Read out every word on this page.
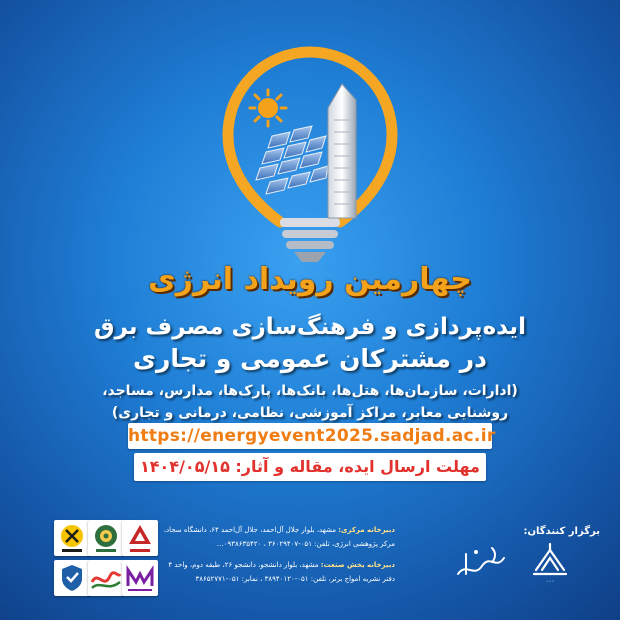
چهارمین رویداد انرژی
ایده‌پردازی و فرهنگ‌سازی مصرف برق
در مشترکان عمومی و تجاری
(ادارات، سازمان‌ها، هتل‌ها، بانک‌ها، پارک‌ها، مدارس، مساجد،
روشنایی معابر، مراکز آموزشی، نظامی، درمانی و تجاری)
https://energyevent2025.sadjad.ac.ir
مهلت ارسال ایده، مقاله و آثار: ۱۴۰۴/۰۵/۱۵
برگزار کنندگان:
◦◦◦
دبیرخانه مرکزی: مشهد، بلوار جلال آل‌احمد، جلال آل‌احمد ۶۴، دانشگاه سجاد،
مرکز پژوهشی انرژی، تلفن: ۰۵۱-۳۶۰۲۹۴۰۷ ، ۰۹۳۸۶۳۵۴۲۰…
دبیرخانه بخش صنعت: مشهد، بلوار دانشجو، دانشجو ۲۶، طبقه دوم، واحد ۴
دفتر نشریه امواج برتر، تلفن: ۰۵۱-۳۸۹۴۰۱۲۰ ، نمابر: ۰۵۱-۳۸۶۵۲۷۷۱
